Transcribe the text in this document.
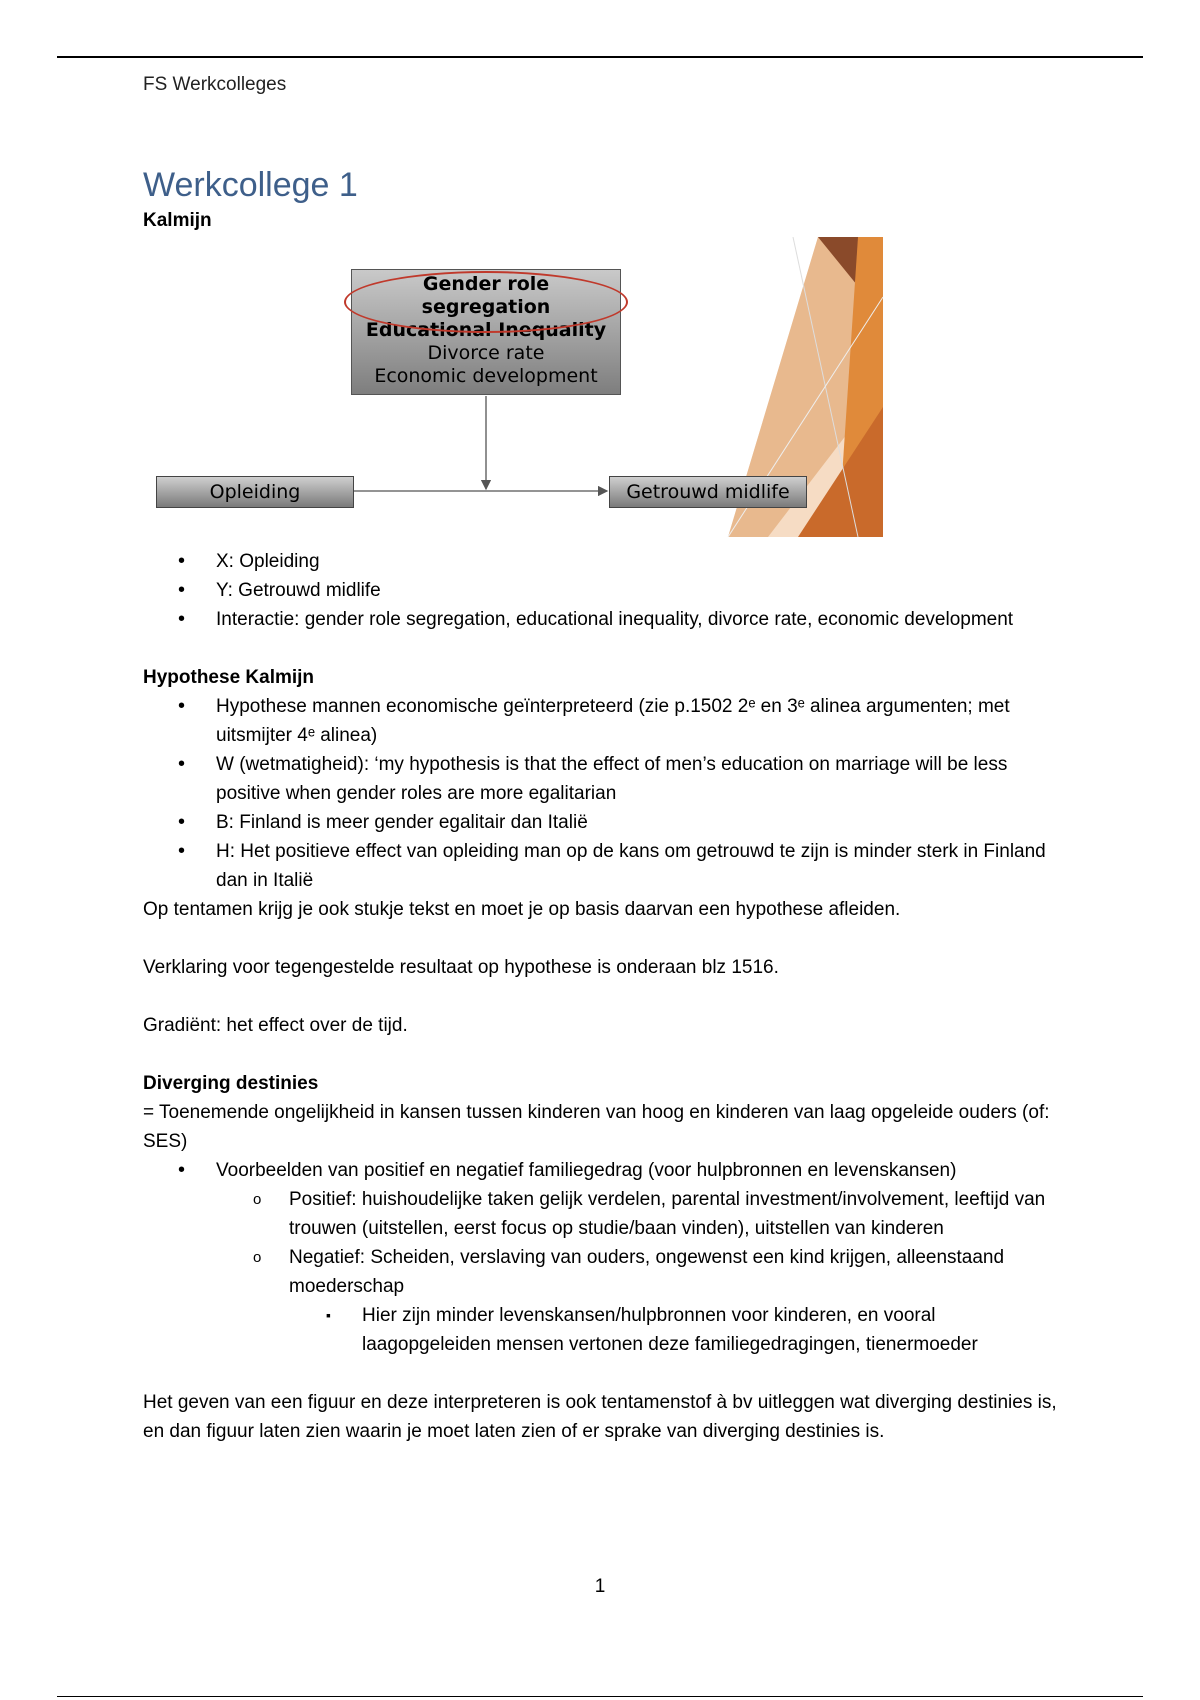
FS Werkcolleges
Werkcollege 1

Kalmijn

Gender role
segregation
Educational Inequality
Divorce rate
Economic development
Opleiding	Getrouwd midlife
• X: Opleiding
• Y: Getrouwd midlife
• Interactie: gender role segregation, educational inequality, divorce rate, economic development

Hypothese Kalmijn

• Hypothese mannen economische geïnterpreteerd (zie p.1502 2ᵉ en 3ᵉ alinea argumenten; met uitsmijter 4ᵉ alinea)
• W (wetmatigheid): ‘my hypothesis is that the effect of men’s education on marriage will be less positive when gender roles are more egalitarian
• B: Finland is meer gender egalitair dan Italië
• H: Het positieve effect van opleiding man op de kans om getrouwd te zijn is minder sterk in Finland dan in Italië

Op tentamen krijg je ook stukje tekst en moet je op basis daarvan een hypothese afleiden.

Verklaring voor tegengestelde resultaat op hypothese is onderaan blz 1516.

Gradiënt: het effect over de tijd.

Diverging destinies

= Toenemende ongelijkheid in kansen tussen kinderen van hoog en kinderen van laag opgeleide ouders (of: SES)

• Voorbeelden van positief en negatief familiegedrag (voor hulpbronnen en levenskansen)
o Positief: huishoudelijke taken gelijk verdelen, parental investment/involvement, leeftijd van trouwen (uitstellen, eerst focus op studie/baan vinden), uitstellen van kinderen
o Negatief: Scheiden, verslaving van ouders, ongewenst een kind krijgen, alleenstaand moederschap
▪ Hier zijn minder levenskansen/hulpbronnen voor kinderen, en vooral laagopgeleiden mensen vertonen deze familiegedragingen, tienermoeder

Het geven van een figuur en deze interpreteren is ook tentamenstof à bv uitleggen wat diverging destinies is, en dan figuur laten zien waarin je moet laten zien of er sprake van diverging destinies is.

1
